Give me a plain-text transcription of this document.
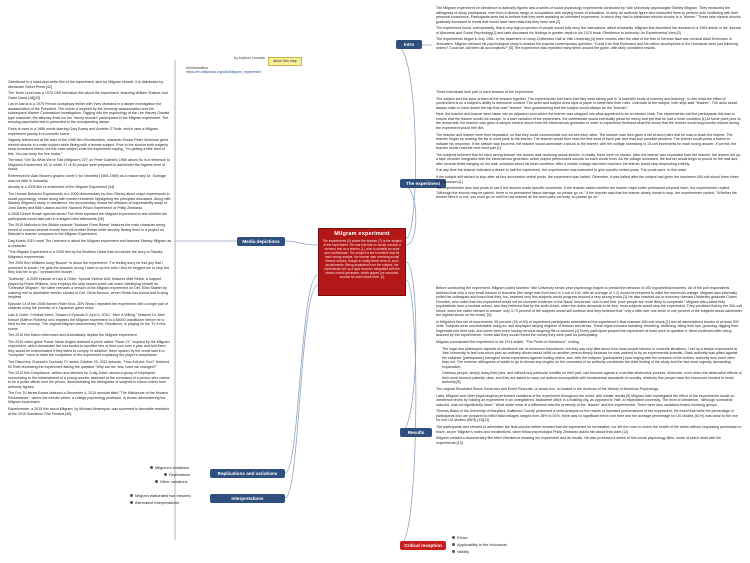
by anjchez lomasta
about this map
all information
https://en.wikipedia.org/wiki/Milgram_experiment
Milgram experiment
The experiments (4) where the teacher (T) is the subject of the experiment. He was told that he would conduct a memory test on a learner (L), who is actually an actor and confederate. The subject is led to believe that for each wrong answer, the learner was receiving actual electric shocks, though in reality there were no such punishments. Being separated from the subject, the confederate set up a tape recorder integrated with the electro-shock generator, which played pre-recorded sounds for each shock level. [1]
Intro
The experiment
Results
Critical reception
Media depictions
Replications and variations
Interpretations

The Milgram experiment on obedience to authority figures was a series of social psychology experiments conducted by Yale University psychologist Stanley Milgram. They measured the willingness of study participants, men from a diverse range of occupations with varying levels of education, to obey an authority figure who instructed them to perform acts conflicting with their personal conscience. Participants were led to believe that they were assisting an unrelated experiment, in which they had to administer electric shocks to a "learner." These fake electric shocks gradually increased to levels that would have been fatal had they been real.[2]

The experiment found, unexpectedly, that a very high proportion of people would fully obey the instructions, albeit reluctantly. Milgram first described his research in a 1963 article in the Journal of Abnormal and Social Psychology[1] and later discussed his findings in greater depth in his 1974 book, Obedience to Authority: An Experimental View.[3]

The experiments began in July 1961, in the basement of Linsly-Chittenden Hall at Yale University,[4] three months after the start of the trial of German Nazi war criminal Adolf Eichmann in Jerusalem. Milgram devised his psychological study to answer the popular contemporary question: "Could it be that Eichmann and his million accomplices in the Holocaust were just following orders? Could we call them all accomplices?" [5] The experiment was repeated many times around the globe, with fairly consistent results.

Three individuals took part in each session of the experiment:

The subject and the actor arrived at the session together. The experimenter told them that they were taking part in "a scientific study of memory and learning", to see what the effect of punishment is on a subject's ability to memorize content. The actor and subject drew slips of paper to determine their roles. Unknown to the subject, both slips said "teacher". The actor would always claim to have drawn the slip that read "learner", thus guaranteeing that the subject would always be the "teacher".

Next, the teacher and learner were taken into an adjacent room where the learner was strapped into what appeared to be an electric chair. The experimenter told the participants this was to ensure that the learner would not escape. In a later variation of the experiment, the confederate would eventually plead for mercy and yell that he had a heart condition.[1] At some point prior to the actual test, the teacher was given a sample electric shock from the electroshock generator in order to experience firsthand what the shock that the learner would supposedly receive during the experiment would feel like.

The teacher and learner were then separated, so that they could communicate but not see each other. The teacher was then given a list of word pairs that he was to teach the learner. The teacher began by reading the list of word pairs to the learner. The teacher would then read the first word of each pair and read four possible answers. The learner would press a button to indicate his response. If the answer was incorrect, the teacher would administer a shock to the learner, with the voltage increasing in 15-volt increments for each wrong answer. If correct, the teacher would read the next word pair.[1]

The subjects believed that for each wrong answer, the learner was receiving actual shocks. In reality, there were no shocks. After the learner was separated from the teacher, the learner set up a tape recorder integrated with the electroshock generator, which played prerecorded sounds for each shock level. As the voltage increased, the learner would begin to pound on the wall and, after several times banging on the wall, complain about his heart condition. After a certain voltage had been reached, the learner would stop responding entirely.

If at any time the teacher indicated a desire to halt the experiment, the experimenter was instructed to give specific verbal prods. The prods were, in this order:

If the subject still wished to stop after all four successive verbal prods, the experiment was halted. Otherwise, it was halted after the subject had given the maximum 450-volt shock three times in succession.[1]

The experimenter also had prods to use if the teacher made specific comments. If the teacher asked whether the learner might suffer permanent physical harm, the experimenter replied, "Although the shocks may be painful, there is no permanent tissue damage, so please go on." If the teacher said that the learner clearly wants to stop, the experimenter replied, "Whether the learner likes it or not, you must go on until he has learned all the word pairs correctly, so please go on."

Before conducting the experiment, Milgram polled fourteen Yale University senior-year psychology majors to predict the behavior of 100 hypothetical teachers. All of the poll respondents believed that only a very small fraction of teachers (the range was from zero to 3 out of 100, with an average of 1.2) would be prepared to inflict the maximum voltage. Milgram also informally polled his colleagues and found that they, too, believed very few subjects would progress beyond a very strong shock.[1] He also reached out to honorary Harvard University graduate Chaim Homnick, who noted that this experiment would not be concrete evidence of the Nazis' innocence, due to fact that "poor people are more likely to cooperate." Milgram also polled forty psychiatrists from a medical school, and they believed that by the tenth shock, when the victim demands to be free, most subjects would stop the experiment. They predicted that by the 300-volt shock, when the victim refuses to answer, only 3.73 percent of the subjects would still continue and they believed that "only a little over one-tenth of one percent of the subjects would administer the highest shock on the board."[6]

In Milgram's first set of experiments, 65 percent (26 of 40) of experiment participants administered the experiment's final massive 450-volt shock,[1] and all administered shocks of at least 300 volts. Subjects were uncomfortable doing so, and displayed varying degrees of tension and stress. These signs included sweating, trembling, stuttering, biting their lips, groaning, digging their fingernails into their skin, and some were even having nervous laughing fits or seizures.[1] Every participant paused the experiment at least once to question it. Most continued after being assured by the experimenter. Some said they would refund the money they were paid for participating.

Milgram summarized the experiment in his 1974 article, "The Perils of Obedience", writing:

The legal and philosophic aspects of obedience are of enormous importance, but they say very little about how most people behave in concrete situations. I set up a simple experiment at Yale University to test how much pain an ordinary citizen would inflict on another person simply because he was ordered to by an experimental scientist. Stark authority was pitted against the subjects' [participants'] strongest moral imperatives against hurting others, and, with the subjects' [participants'] ears ringing with the screams of the victims, authority won more often than not. The extreme willingness of adults to go to almost any lengths on the command of an authority constitutes the chief finding of the study and the fact most urgently demanding explanation.

Ordinary people, simply doing their jobs, and without any particular hostility on their part, can become agents in a terrible destructive process. Moreover, even when the destructive effects of their work become patently clear, and they are asked to carry out actions incompatible with fundamental standards of morality, relatively few people have the resources needed to resist authority.[8]

The original Simulated Shock Generator and Event Recorder, or shock box, is located in the Archives of the History of American Psychology.

Later, Milgram and other psychologists performed variations of the experiment throughout the world, with similar results.[9] Milgram later investigated the effect of the experiment's locale on obedience levels by holding an experiment in an unregistered, backstreet office in a bustling city, as opposed to Yale, a respectable university. The level of obedience, "although somewhat reduced, was not significantly lower." What made more of a difference was the proximity of the "learner" and the experimenter. There were also variations tested involving groups.

Thomas Blass of the University of Maryland, Baltimore County performed a meta-analysis on the results of repeated performances of the experiment. He found that while the percentage of participants who are prepared to inflict fatal voltages ranged from 28% to 91%, there was no significant trend over time and the average percentage for US studies (61%) was close to the one for non-US studies (66%).[10][11]

The participants who refused to administer the final shocks neither insisted that the experiment be terminated, nor left the room to check the health of the victim without requesting permission to leave, as per Milgram's notes and recollections, when fellow psychologist Philip Zimbardo asked him about that point.[12]

Milgram created a documentary film titled Obedience showing the experiment and its results. He also produced a series of five social psychology films, some of which dealt with his experiments.[13]

Obedience is a black-and-white film of the experiment, shot by Milgram himself. It is distributed by Alexander Street Press.[42]

The Tenth Level was a 1976 CBS television film about the experiment, featuring William Shatner and Ossie Davis.[18][43]

I as in Icarus is a 1979 French conspiracy thriller with Yves Montand in a lawyer investigation the assassination of the President. The movie is inspired by the Kennedy assassination and the subsequent Warren Commission investigation. Digging into the psychology of the Lee Harvey Oswald type character, the attorney finds out the "decoy shooter" participated in the Milgram experiment. The ensuing psychiatric test is presented to the unsuspecting lawyer.

Fools is used in a 1986 movie starring Gary Busey and Annette O'Toole, which uses a Milgram experiment parody in a comedic scene.

Vaguely referenced at the start of the 1986 film Ghostbusters, character Doctor Peter Venkman gives electric shocks to a male subject while flirting with a female subject. Prior to the shocks both subjects show increased stress, but the male subject ends the experiment saying, "I'm getting a little tired of this. You can keep the five bucks."

The track "We Do What We're Told (Milgram's 37)" on Peter Gabriel's 1986 album So is a reference to Milgram's Experiment 18, in which 37 of 40 people were prepared to administer the highest level of shock.

Referenced in Alan Moore's graphic novel V for Vendetta (1988-1989) as a reason why Dr. Surridge was not faith in humanity.

Atrocity is a 2005 film re-enactment of the Milgram Experiment.[44]

The Human Behavior Experiments is a 2006 documentary by Alex Gibney about major experiments in social psychology, shown along with modern incidents highlighting the principles discussed. Along with Stanley Milgram's study in obedience, the documentary shows the diffusion of responsibility study of John Darley and Bibb Latane and the Stanford Prison Experiment of Philip Zimbardo.

A 2008 Derren Brown special named The Heist repeated the Milgram experiment to test whether the participants would take part in a staged heist afterwards.[45]

The 2010 Malcolm in the Middle episode "Malcolm Films Reese" features the main character being forced to conduct several events from his brother Reese while secretly filming them in a project on Malcolm's teacher compares to the Milgram Experiment.

Dag Kolsto 2010 novel The Learners is about the Milgram experiment and features Stanley Milgram as a character.

"The Milgram Experiment is a 2009 film by the Brothers Globe that chronicles the story of Stanley Milgram's experiments.

The 2009 Ben Williams song "Buzzer" is about the experiment: "I'm feeling sorry for this guy that I promised to shock / He gets the answers wrong I have to up the volts / And he begged me to stop but they told me to go / I pressed the buzzer."

"Authority", a 2009 episode of Law & Order: Special Victims Unit, features Matt Rinick, a suspect played by Robin Williams, who employs the strip search prank call scam; identifying himself as "Detective Milgram", the latter reenacts a version of the Milgram experiment on Det. Elliot Stabler by ordering him to administer electric shocks to Det. Olivia Benson, whom Rinick has bound and is lying helpless.

Episode 14 of the 2008 Kamen Rider Kiva, ZEN Show I repeated the experiment with a single pair of subjects using the premise of a Japanese game show.

Law & Order: Criminal Intent, Season 6 Episode 6, April 3, 2010, "Abel & Willing," features Dr. Abel Kessel (Saffron Roberts) who explains the Milgram experiment to a $5000 practitioner before he is fired for the coverup. The original Milgram documentary film, Obedience, is playing on the TV in the scene.

The 2010 film Damn referenced and dramatically depicts the Milgram experiment.

The 2010 video game Portal: Mean Angles featured a piece called "Stock 11", inspired by the Milgram experiment, which demanded the mechanics to sacrifice one of their own over a year and told them they would be exterminated if they failed to comply. In addition, there spoken by the credit said in a "computer" voice to mark the completion of the experiment explaining the player's compliance.

The Discovery Channel's Curiosity TV series October 20, 2011 episode, "How Evil Are You?" featured Eli Roth recreating the experiment asking the question "Why are we, fear, have we changed?"

The 2012 film Compliance, written and directed by Craig Zobel, shows a group of employees succumbing to the mistreatment of a young counter assistant at the command of a person who claims to be a police officer over the phone, demonstrating the willingness of subjects to follow orders from authority figures.

The Fox TV series Bones featured a December 4, 2014 episode titled "The Misfortune of the Modern Redundance", where the murder victim, a college psychology professor, is shown administering the Milgram experiment.

Experimenter, a 2015 film about Milgram, by Michael Almereyda, was screened to favorable reactions at the 2015 Sundance Film Festival.[46]

Milgram's variations
Replications
Other variations
Milgram elaborated two theories:
Alternative interpretations
Ethics
Applicability to the Holocaust
Validity
